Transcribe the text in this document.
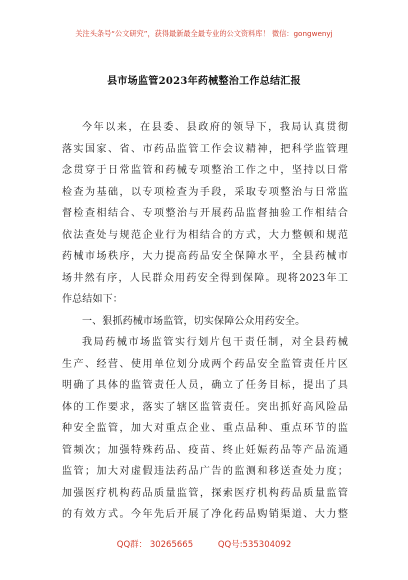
关注头条号“公文研究”，获得最新最全最专业的公文资料库！ 微信：gongwenyj
县市场监管2023年药械整治工作总结汇报
今年以来，在县委、县政府的领导下，我局认真贯彻
落实国家、省、市药品监管工作会议精神，把科学监管理
念贯穿于日常监管和药械专项整治工作之中，坚持以日常
检查为基础，以专项检查为手段，采取专项整治与日常监
督检查相结合、专项整治与开展药品监督抽验工作相结合
依法查处与规范企业行为相结合的方式，大力整顿和规范
药械市场秩序，大力提高药品安全保障水平，全县药械市
场井然有序，人民群众用药安全得到保障。现将2023年工
作总结如下：
一、狠抓药械市场监管，切实保障公众用药安全。
我局药械市场监管实行划片包干责任制，对全县药械
生产、经营、使用单位划分成两个药品安全监管责任片区
明确了具体的监管责任人员，确立了任务目标，提出了具
体的工作要求，落实了辖区监管责任。突出抓好高风险品
种安全监管，加大对重点企业、重点品种、重点环节的监
管频次；加强特殊药品、疫苗、终止妊娠药品等产品流通
监管；加大对虚假违法药品广告的监测和移送查处力度；
加强医疗机构药品质量监管，探索医疗机构药品质量监管
的有效方式。今年先后开展了净化药品购销渠道、大力整
QQ群： 30265665	QQ号:535304092
